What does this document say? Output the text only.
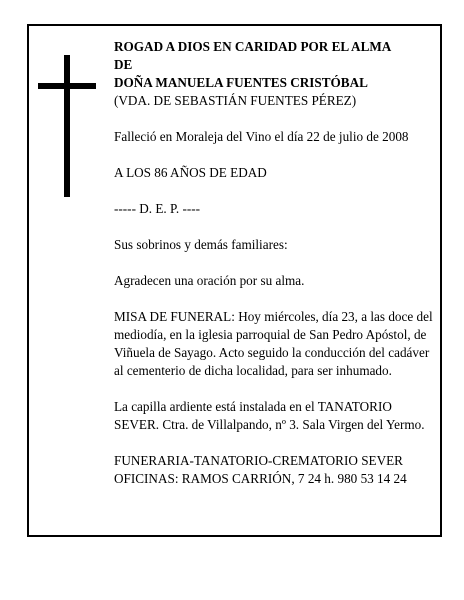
ROGAD A DIOS EN CARIDAD POR EL ALMA

DE

DOÑA MANUELA FUENTES CRISTÓBAL

(VDA. DE SEBASTIÁN FUENTES PÉREZ)

Falleció en Moraleja del Vino el día 22 de julio de 2008

A LOS 86 AÑOS DE EDAD

----- D. E. P. ----

Sus sobrinos y demás familiares:

Agradecen una oración por su alma.

MISA DE FUNERAL: Hoy miércoles, día 23, a las doce del mediodía, en la iglesia parroquial de San Pedro Apóstol, de Viñuela de Sayago. Acto seguido la conducción del cadáver al cementerio de dicha localidad, para ser inhumado.

La capilla ardiente está instalada en el TANATORIO SEVER. Ctra. de Villalpando, nº 3. Sala Virgen del Yermo.

FUNERARIA-TANATORIO-CREMATORIO SEVER

OFICINAS: RAMOS CARRIÓN, 7 24 h. 980 53 14 24
